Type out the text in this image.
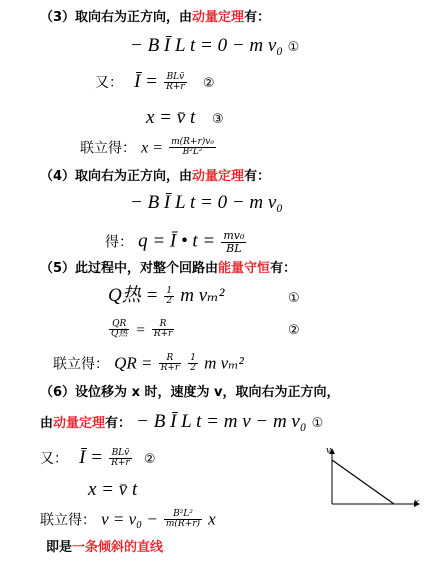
（3）取向右为正方向，由动量定理有：
− B Ī L t = 0 − m v₀ ①
又： Ī = $\frac{\text{BLv̄}}{R+r}$ ②
x = v̄ t ③
联立得： $x = \frac{\text{m(R+r)v₀}}{\text{B²L²}}$
（4）取向右为正方向，由动量定理有：
− B Ī L t = 0 − m v₀
得： q = Ī • $t = \frac{\text{mv₀}}{BL}$
（5）此过程中，对整个回路由能量守恒有：
Q热 = $\frac{1}{2}$ m vₘ²	①
$\frac{QR}{\text{Q热}} = \frac{R}{R+r}$	②
联立得： QR = $\frac{R}{R+r}$
$\frac{1}{2}$ m vₘ²
（6）设位移为 x 时，速度为 v，取向右为正方向，
由动量定理有： − B Ī L t = m v − m v₀ ①
又： Ī = $\frac{\text{BLv̄}}{R+r}$ ②
x = v̄ t
联立得： $v = v_0 - \frac{\text{B²L²}}{m(R+r)}$ x
即是一条倾斜的直线
v
x
